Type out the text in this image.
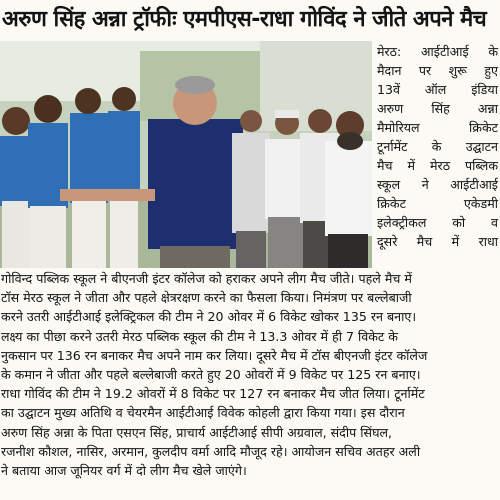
अरुण सिंह अन्ना ट्रॉफीः एमपीएस-राधा गोविंद ने जीते अपने मैच
मेरठ: आईटीआई के
मैदान पर शुरू हुए
13वें ऑल इंडिया
अरुण सिंह अन्ना
मैमोरियल क्रिकेट
टूर्नामेंट के उद्घाटन
मैच में मेरठ पब्लिक
स्कूल ने आईटीआई
क्रिकेट एकेडमी
इलेक्ट्रीकल को व
दूसरे मैच में राधा
गोविन्द पब्लिक स्कूल ने बीएनजी इंटर कॉलेज को हराकर अपने लीग मैच जीते। पहले मैच में
टॉस मेरठ स्कूल ने जीता और पहले क्षेत्ररक्षण करने का फैसला किया। निमंत्रण पर बल्लेबाजी
करने उतरी आईटीआई इलेक्ट्रिकल की टीम ने 20 ओवर में 6 विकेट खोकर 135 रन बनाए।
लक्ष्य का पीछा करने उतरी मेरठ पब्लिक स्कूल की टीम ने 13.3 ओवर में ही 7 विकेट के
नुकसान पर 136 रन बनाकर मैच अपने नाम कर लिया। दूसरे मैच में टॉस बीएनजी इंटर कॉलेज
के कमान ने जीता और पहले बल्लेबाजी करते हुए 20 ओवरों में 9 विकेट पर 125 रन बनाए।
राधा गोविंद की टीम ने 19.2 ओवरों में 8 विकेट पर 127 रन बनाकर मैच जीत लिया। टूर्नामेंट
का उद्घाटन मुख्य अतिथि व चेयरमैन आईटीआई विवेक कोहली द्वारा किया गया। इस दौरान
अरुण सिंह अन्ना के पिता एसएन सिंह, प्राचार्य आईटीआई सीपी अग्रवाल, संदीप सिंघल,
रजनीश कौशल, नासिर, अरमान, कुलदीप वर्मा आदि मौजूद रहे। आयोजन सचिव अतहर अली
ने बताया आज जूनियर वर्ग में दो लीग मैच खेले जाएंगे।
